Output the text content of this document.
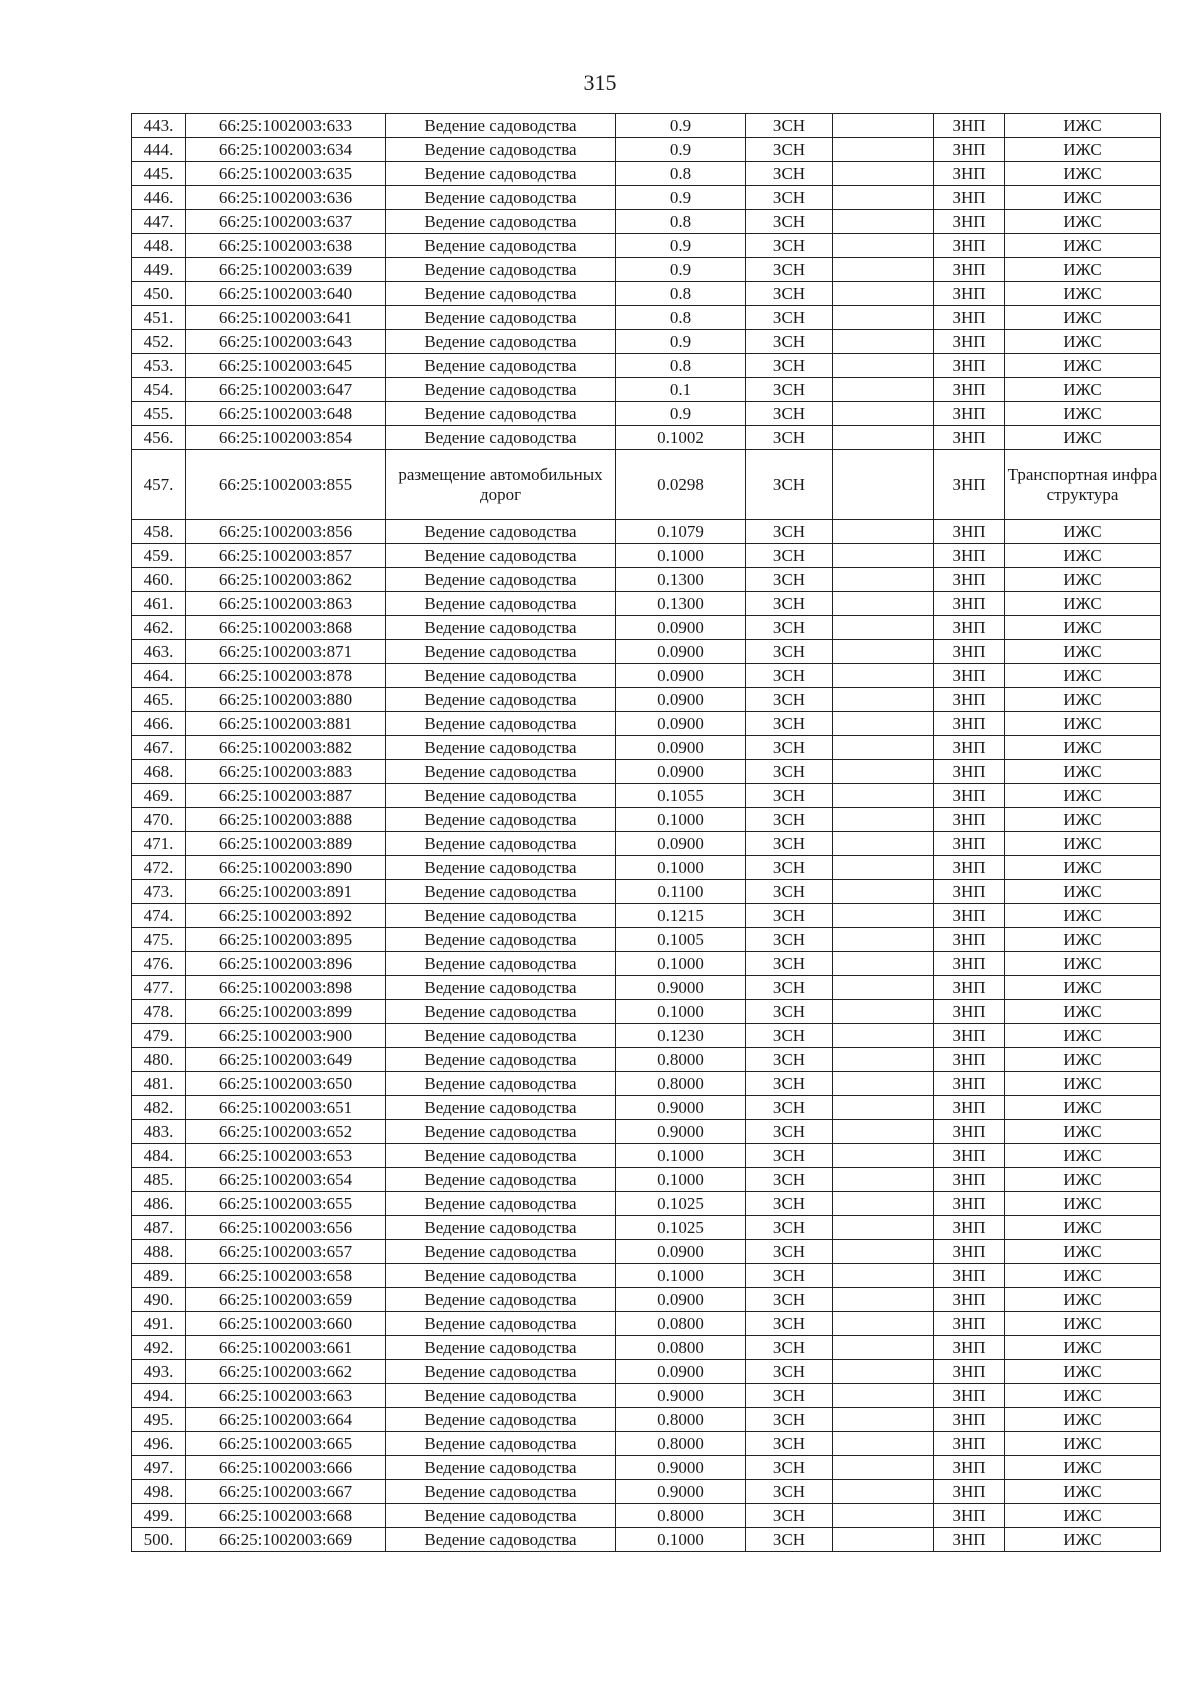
315
443.	66:25:1002003:633	Ведение садоводства	0.9	ЗСН		ЗНП	ИЖС
444.	66:25:1002003:634	Ведение садоводства	0.9	ЗСН		ЗНП	ИЖС
445.	66:25:1002003:635	Ведение садоводства	0.8	ЗСН		ЗНП	ИЖС
446.	66:25:1002003:636	Ведение садоводства	0.9	ЗСН		ЗНП	ИЖС
447.	66:25:1002003:637	Ведение садоводства	0.8	ЗСН		ЗНП	ИЖС
448.	66:25:1002003:638	Ведение садоводства	0.9	ЗСН		ЗНП	ИЖС
449.	66:25:1002003:639	Ведение садоводства	0.9	ЗСН		ЗНП	ИЖС
450.	66:25:1002003:640	Ведение садоводства	0.8	ЗСН		ЗНП	ИЖС
451.	66:25:1002003:641	Ведение садоводства	0.8	ЗСН		ЗНП	ИЖС
452.	66:25:1002003:643	Ведение садоводства	0.9	ЗСН		ЗНП	ИЖС
453.	66:25:1002003:645	Ведение садоводства	0.8	ЗСН		ЗНП	ИЖС
454.	66:25:1002003:647	Ведение садоводства	0.1	ЗСН		ЗНП	ИЖС
455.	66:25:1002003:648	Ведение садоводства	0.9	ЗСН		ЗНП	ИЖС
456.	66:25:1002003:854	Ведение садоводства	0.1002	ЗСН		ЗНП	ИЖС
457.	66:25:1002003:855	размещение автомобильных дорог	0.0298	ЗСН		ЗНП	Транспортная инфраструктура
458.	66:25:1002003:856	Ведение садоводства	0.1079	ЗСН		ЗНП	ИЖС
459.	66:25:1002003:857	Ведение садоводства	0.1000	ЗСН		ЗНП	ИЖС
460.	66:25:1002003:862	Ведение садоводства	0.1300	ЗСН		ЗНП	ИЖС
461.	66:25:1002003:863	Ведение садоводства	0.1300	ЗСН		ЗНП	ИЖС
462.	66:25:1002003:868	Ведение садоводства	0.0900	ЗСН		ЗНП	ИЖС
463.	66:25:1002003:871	Ведение садоводства	0.0900	ЗСН		ЗНП	ИЖС
464.	66:25:1002003:878	Ведение садоводства	0.0900	ЗСН		ЗНП	ИЖС
465.	66:25:1002003:880	Ведение садоводства	0.0900	ЗСН		ЗНП	ИЖС
466.	66:25:1002003:881	Ведение садоводства	0.0900	ЗСН		ЗНП	ИЖС
467.	66:25:1002003:882	Ведение садоводства	0.0900	ЗСН		ЗНП	ИЖС
468.	66:25:1002003:883	Ведение садоводства	0.0900	ЗСН		ЗНП	ИЖС
469.	66:25:1002003:887	Ведение садоводства	0.1055	ЗСН		ЗНП	ИЖС
470.	66:25:1002003:888	Ведение садоводства	0.1000	ЗСН		ЗНП	ИЖС
471.	66:25:1002003:889	Ведение садоводства	0.0900	ЗСН		ЗНП	ИЖС
472.	66:25:1002003:890	Ведение садоводства	0.1000	ЗСН		ЗНП	ИЖС
473.	66:25:1002003:891	Ведение садоводства	0.1100	ЗСН		ЗНП	ИЖС
474.	66:25:1002003:892	Ведение садоводства	0.1215	ЗСН		ЗНП	ИЖС
475.	66:25:1002003:895	Ведение садоводства	0.1005	ЗСН		ЗНП	ИЖС
476.	66:25:1002003:896	Ведение садоводства	0.1000	ЗСН		ЗНП	ИЖС
477.	66:25:1002003:898	Ведение садоводства	0.9000	ЗСН		ЗНП	ИЖС
478.	66:25:1002003:899	Ведение садоводства	0.1000	ЗСН		ЗНП	ИЖС
479.	66:25:1002003:900	Ведение садоводства	0.1230	ЗСН		ЗНП	ИЖС
480.	66:25:1002003:649	Ведение садоводства	0.8000	ЗСН		ЗНП	ИЖС
481.	66:25:1002003:650	Ведение садоводства	0.8000	ЗСН		ЗНП	ИЖС
482.	66:25:1002003:651	Ведение садоводства	0.9000	ЗСН		ЗНП	ИЖС
483.	66:25:1002003:652	Ведение садоводства	0.9000	ЗСН		ЗНП	ИЖС
484.	66:25:1002003:653	Ведение садоводства	0.1000	ЗСН		ЗНП	ИЖС
485.	66:25:1002003:654	Ведение садоводства	0.1000	ЗСН		ЗНП	ИЖС
486.	66:25:1002003:655	Ведение садоводства	0.1025	ЗСН		ЗНП	ИЖС
487.	66:25:1002003:656	Ведение садоводства	0.1025	ЗСН		ЗНП	ИЖС
488.	66:25:1002003:657	Ведение садоводства	0.0900	ЗСН		ЗНП	ИЖС
489.	66:25:1002003:658	Ведение садоводства	0.1000	ЗСН		ЗНП	ИЖС
490.	66:25:1002003:659	Ведение садоводства	0.0900	ЗСН		ЗНП	ИЖС
491.	66:25:1002003:660	Ведение садоводства	0.0800	ЗСН		ЗНП	ИЖС
492.	66:25:1002003:661	Ведение садоводства	0.0800	ЗСН		ЗНП	ИЖС
493.	66:25:1002003:662	Ведение садоводства	0.0900	ЗСН		ЗНП	ИЖС
494.	66:25:1002003:663	Ведение садоводства	0.9000	ЗСН		ЗНП	ИЖС
495.	66:25:1002003:664	Ведение садоводства	0.8000	ЗСН		ЗНП	ИЖС
496.	66:25:1002003:665	Ведение садоводства	0.8000	ЗСН		ЗНП	ИЖС
497.	66:25:1002003:666	Ведение садоводства	0.9000	ЗСН		ЗНП	ИЖС
498.	66:25:1002003:667	Ведение садоводства	0.9000	ЗСН		ЗНП	ИЖС
499.	66:25:1002003:668	Ведение садоводства	0.8000	ЗСН		ЗНП	ИЖС
500.	66:25:1002003:669	Ведение садоводства	0.1000	ЗСН		ЗНП	ИЖС
